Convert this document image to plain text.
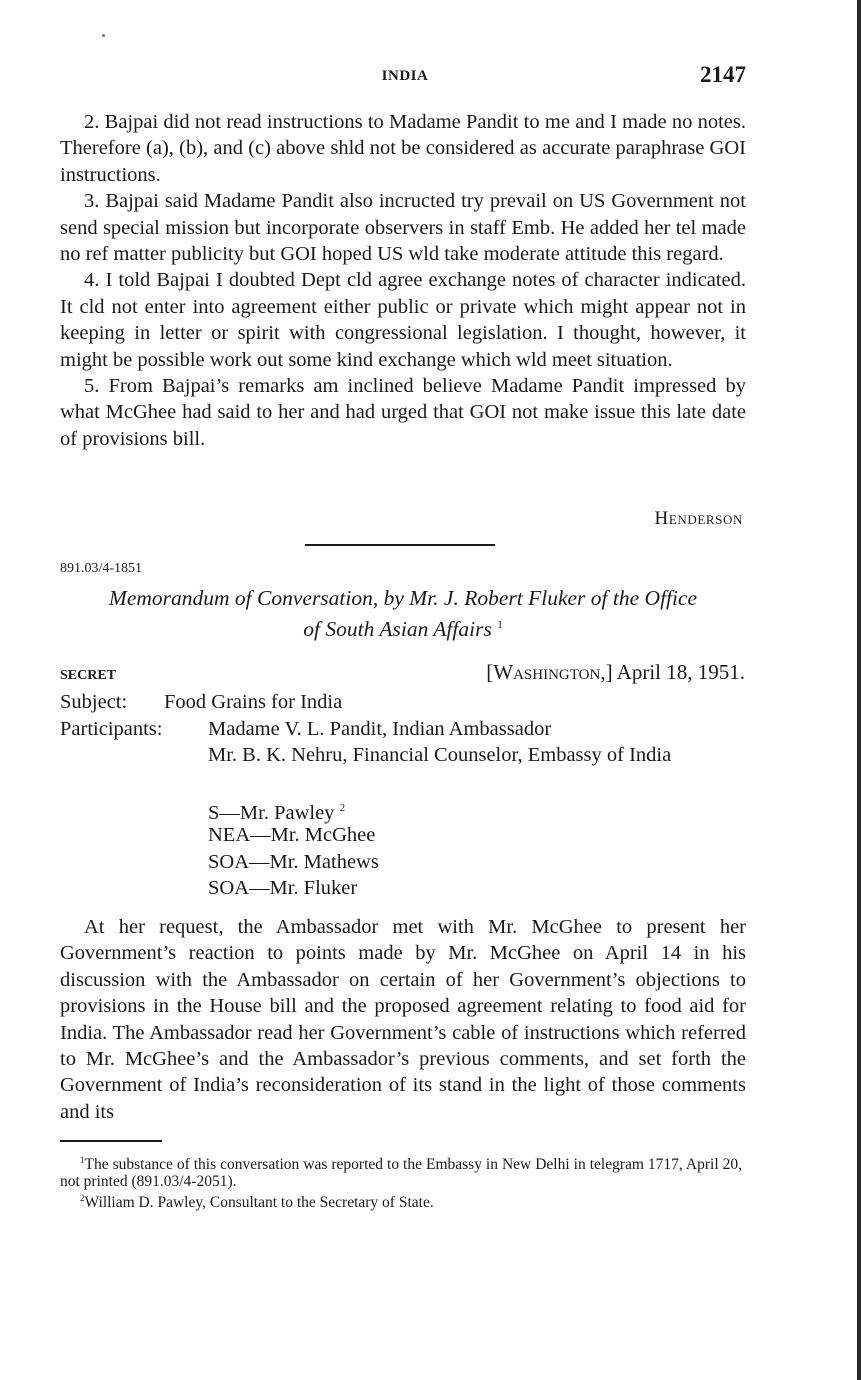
INDIA	2147

2. Bajpai did not read instructions to Madame Pandit to me and I made no notes. Therefore (a), (b), and (c) above shld not be considered as accurate paraphrase GOI instructions.

3. Bajpai said Madame Pandit also incructed try prevail on US Government not send special mission but incorporate observers in staff Emb. He added her tel made no ref matter publicity but GOI hoped US wld take moderate attitude this regard.

4. I told Bajpai I doubted Dept cld agree exchange notes of character indicated. It cld not enter into agreement either public or private which might appear not in keeping in letter or spirit with congressional legislation. I thought, however, it might be possible work out some kind exchange which wld meet situation.

5. From Bajpai’s remarks am inclined believe Madame Pandit impressed by what McGhee had said to her and had urged that GOI not make issue this late date of provisions bill.

Henderson
891.03/4-1851
Memorandum of Conversation, by Mr. J. Robert Fluker of the Office
of South Asian Affairs $^1$
SECRET	[Washington,] April 18, 1951.
Subject: Food Grains for India
Participants: Madame V. L. Pandit, Indian Ambassador
Mr. B. K. Nehru, Financial Counselor, Embassy of India
S—Mr. Pawley $^2$
NEA—Mr. McGhee
SOA—Mr. Mathews
SOA—Mr. Fluker

At her request, the Ambassador met with Mr. McGhee to present her Government’s reaction to points made by Mr. McGhee on April 14 in his discussion with the Ambassador on certain of her Government’s objections to provisions in the House bill and the proposed agreement relating to food aid for India. The Ambassador read her Government’s cable of instructions which referred to Mr. McGhee’s and the Ambassador’s previous comments, and set forth the Government of India’s reconsideration of its stand in the light of those comments and its

$^1$The substance of this conversation was reported to the Embassy in New Delhi in telegram 1717, April 20, not printed (891.03/4-2051).

$^2$William D. Pawley, Consultant to the Secretary of State.
